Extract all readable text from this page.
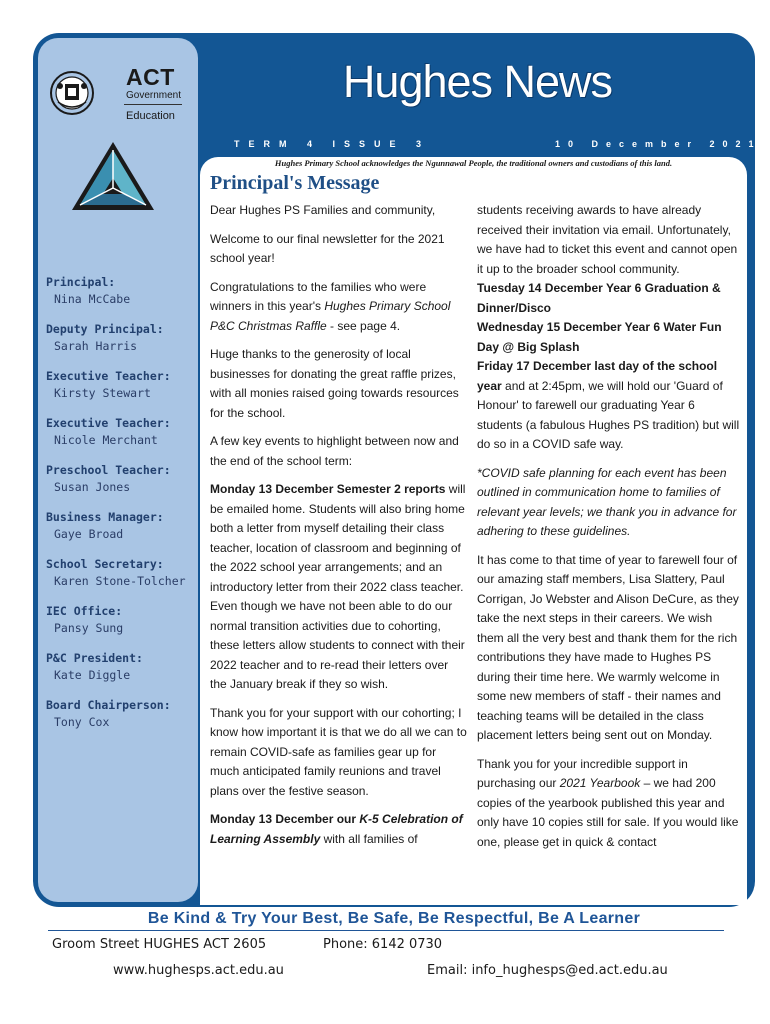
ACT
Government
Education

Principal:

Nina McCabe

Deputy Principal:

Sarah Harris

Executive Teacher:

Kirsty Stewart

Executive Teacher:

Nicole Merchant

Preschool Teacher:

Susan Jones

Business Manager:

Gaye Broad

School Secretary:

Karen Stone-Tolcher

IEC Office:

Pansy Sung

P&C President:

Kate Diggle

Board Chairperson:

Tony Cox

Hughes News
TERM 4 ISSUE 3	10 December 2021
Hughes Primary School acknowledges the Ngunnawal People, the traditional owners and custodians of this land.
Principal's Message

Dear Hughes PS Families and community,

Welcome to our final newsletter for the 2021 school year!

Congratulations to the families who were winners in this year's Hughes Primary School P&C Christmas Raffle - see page 4.

Huge thanks to the generosity of local businesses for donating the great raffle prizes, with all monies raised going towards resources for the school.

A few key events to highlight between now and the end of the school term:

Monday 13 December Semester 2 reports will be emailed home. Students will also bring home both a letter from myself detailing their class teacher, location of classroom and beginning of the 2022 school year arrangements; and an introductory letter from their 2022 class teacher. Even though we have not been able to do our normal transition activities due to cohorting, these letters allow students to connect with their 2022 teacher and to re-read their letters over the January break if they so wish.

Thank you for your support with our cohorting; I know how important it is that we do all we can to remain COVID-safe as families gear up for much anticipated family reunions and travel plans over the festive season.

Monday 13 December our K-5 Celebration of Learning Assembly with all families of

students receiving awards to have already received their invitation via email. Unfortunately, we have had to ticket this event and cannot open it up to the broader school community.

Tuesday 14 December Year 6 Graduation & Dinner/Disco

Wednesday 15 December Year 6 Water Fun Day @ Big Splash

Friday 17 December last day of the school year and at 2:45pm, we will hold our 'Guard of Honour' to farewell our graduating Year 6 students (a fabulous Hughes PS tradition) but will do so in a COVID safe way.

*COVID safe planning for each event has been outlined in communication home to families of relevant year levels; we thank you in advance for adhering to these guidelines.

It has come to that time of year to farewell four of our amazing staff members, Lisa Slattery, Paul Corrigan, Jo Webster and Alison DeCure, as they take the next steps in their careers. We wish them all the very best and thank them for the rich contributions they have made to Hughes PS during their time here. We warmly welcome in some new members of staff - their names and teaching teams will be detailed in the class placement letters being sent out on Monday.

Thank you for your incredible support in purchasing our 2021 Yearbook – we had 200 copies of the yearbook published this year and only have 10 copies still for sale. If you would like one, please get in quick & contact

Be Kind & Try Your Best, Be Safe, Be Respectful, Be A Learner
Groom Street HUGHES ACT 2605	Phone: 6142 0730
www.hughesps.act.edu.au	Email: info_hughesps@ed.act.edu.au
